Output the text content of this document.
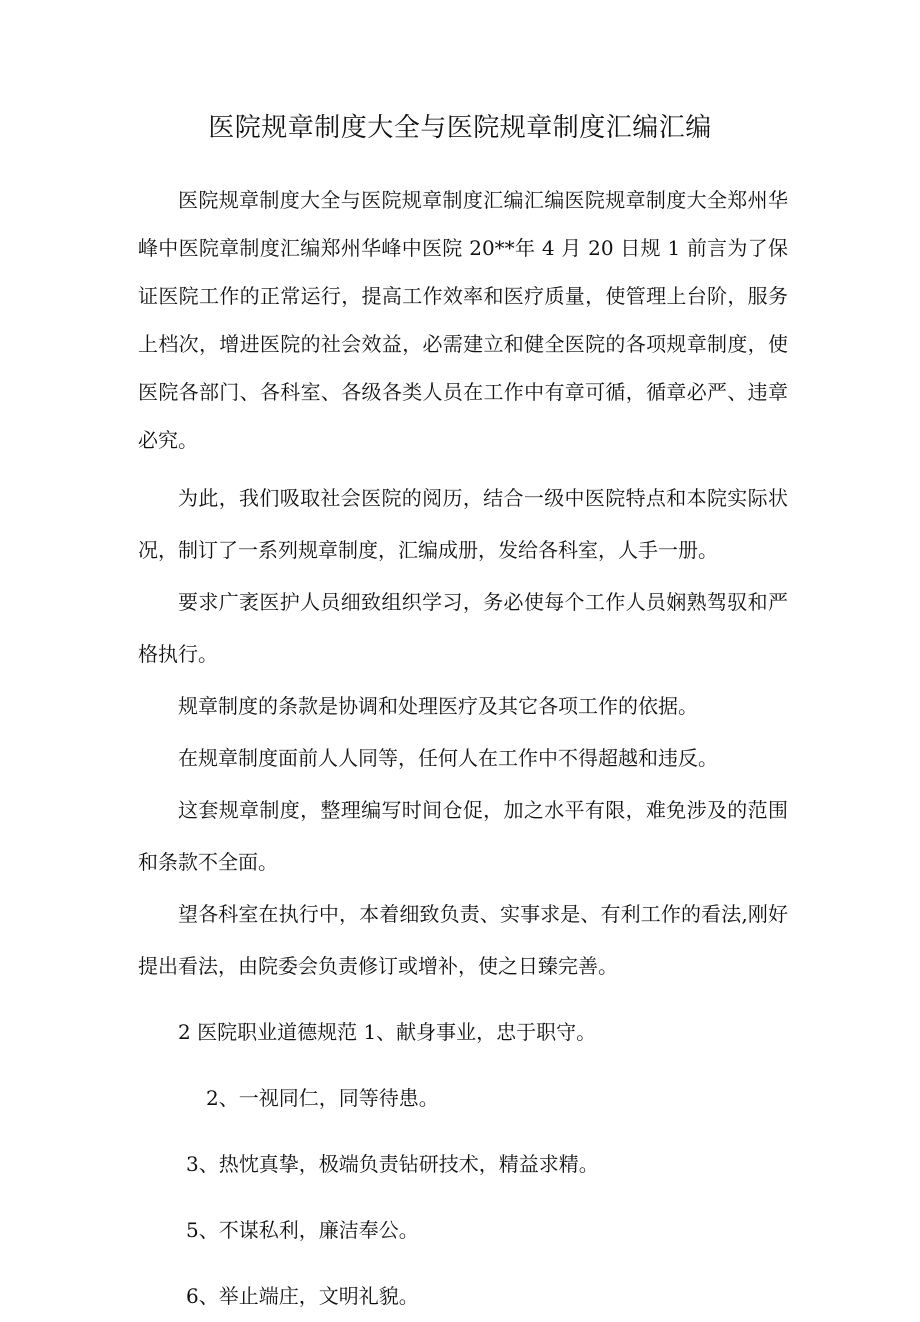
医院规章制度大全与医院规章制度汇编汇编

医院规章制度大全与医院规章制度汇编汇编医院规章制度大全郑州华峰中医院章制度汇编郑州华峰中医院 20**年 4 月 20 日规 1 前言为了保证医院工作的正常运行，提高工作效率和医疗质量，使管理上台阶，服务上档次，增进医院的社会效益，必需建立和健全医院的各项规章制度，使医院各部门、各科室、各级各类人员在工作中有章可循，循章必严、违章必究。

为此，我们吸取社会医院的阅历，结合一级中医院特点和本院实际状况，制订了一系列规章制度，汇编成册，发给各科室，人手一册。

要求广袤医护人员细致组织学习，务必使每个工作人员娴熟驾驭和严格执行。

规章制度的条款是协调和处理医疗及其它各项工作的依据。

在规章制度面前人人同等，任何人在工作中不得超越和违反。

这套规章制度，整理编写时间仓促，加之水平有限，难免涉及的范围和条款不全面。

望各科室在执行中，本着细致负责、实事求是、有利工作的看法,刚好提出看法，由院委会负责修订或增补，使之日臻完善。

2 医院职业道德规范 1、献身事业，忠于职守。

2、一视同仁，同等待患。

3、热忱真挚，极端负责钻研技术，精益求精。

5、不谋私利，廉洁奉公。

6、举止端庄，文明礼貌。
